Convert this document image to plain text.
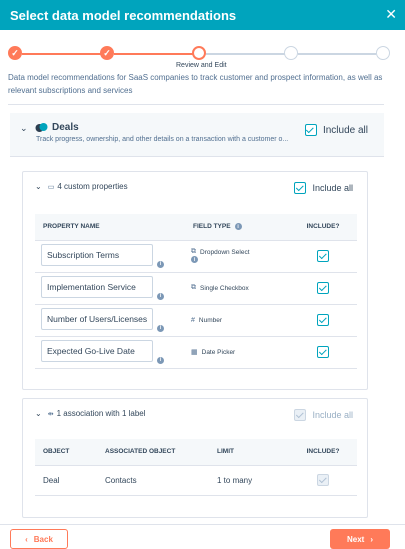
Select data model recommendations	✕
✓	✓
Review and Edit

Data model recommendations for SaaS companies to track customer and prospect information, as well as relevant subscriptions and services

⌄ Deals
Track progress, ownership, and other details on a transaction with a customer o...
Include all
⌄ ▭ 4 custom properties	Include all
PROPERTY NAME	FIELD TYPE i	INCLUDE?
Subscription Termsi	⧉ Dropdown Select
i	
Implementation Servicei	⧉ Single Checkbox	

Number of Users/Licensesi	# Number	

Expected Go-Live Datei	▦ Date Picker	

⌄ ⇹ 1 association with 1 label	Include all
OBJECT	ASSOCIATED OBJECT	LIMIT	INCLUDE?
Deal	Contacts	1 to many	
‹ Back	Next ›
